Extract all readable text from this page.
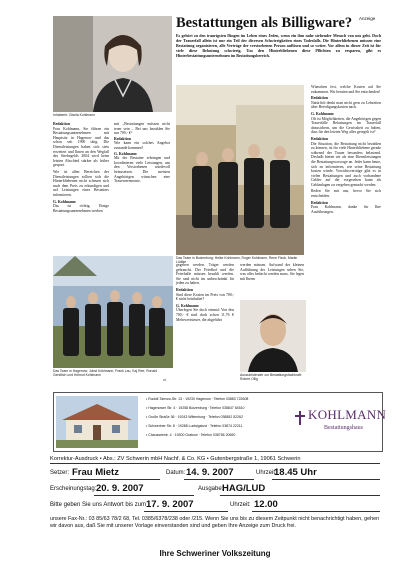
Bestattungen als Billigware? Anzeige
Es gehört zu den traurigsten Dingen im Leben eines Jeden, wenn ein ihm nahe stehender Mensch von uns geht. Doch der Trauerfall allein ist nur ein Teil der diversen Schwierigkeiten eines Todesfalls. Die Hinterbliebenen müssen eine Bestattung organisieren, alle Verträge der verstorbenen Person auflösen und so weiter. Vor allem in dieser Zeit ist für viele diese Belastung schwierig. Um den Hinterbliebenen diese Pflichten zu ersparen, gibt es Hinterbestattungsunternehmen im Bestattungsbereich.
Inhaberin: Gisela Kohlmann
Redaktion
Frau Kohlmann, Sie führen ein Bestattungsunternehmen mit Hauptsitz in Hagenow und das schon seit 1990 tätig. Die Dienstleistungen haben sich stets erweitert und Ihnen an den Wegfall des Sterbegelds 2004 wird beim letzten Abschied stärker als früher gespart.
Wie ist allen Bereichen der Dienstleistungen sollten sich die Hinterbliebenen nicht scheuen sich nach dem Preis zu erkundigen und auf Leistungen eines Bestatters informieren.
G. Kohlmann:
Das ist richtig. Einige Bestattungsunternehmen werben
mit „Bestattungen müssen nicht teuer sein – Bei uns bezahlen Sie nur 700,- €“
Redaktion
Wie kann ein solches Angebot zustande kommen?
G. Kohlmann:
Mit der Bestatter erbringen und koordinieren viele Leistungen, um den Verstorbenen würdevoll beizusetzen. Die meisten Angehörigen wünschen eine Trauerzeremonie.
Das Team in Boizenburg: Heike Kohlmann, Roger Kohlmann, Rene Fleck, Martin Lüdtke
Wünschen fest, welche Kosten auf Sie zukommen. Wir beraten und Sie entscheiden!
Redaktion
Natürlich denkt man nicht gern zu Lebzeiten über Beerdigungskosten nach.
G. Kohlmann:
Oft ist Möglichkeiten, die Angehörigen gegen Trauerfälle Belastungen im Trauerfall abzusichern, um die Gewissheit zu haben, dass für den letzten Weg alles geregelt ist?
Redaktion
Die Situation, die Bestattung nicht bezahlen zu können, ist für viele Hinterbliebene gerade während der Trauer besonders belastend. Deshalb bieten wir als eine Dienstleistungen die Bestattungsvorsorge an. Jeder kann heute, sich zu informieren, wie seine Bestattung kosten würde. Vorsichtsverträge gibt es in vielen Bestattungen und auch vorhandene Gelder auf die vorgesehen kann als Geldanlagen zu vergeben gemacht werden.
Reden Sie mit uns, bevor Sie sich entscheiden.
Redaktion
Frau Kohlmann, danke für Ihre Ausführungen.
Das Team in Hagenow: Jobst Kohlmann, Frank Lau, Kaj Ree, Ronald Gerstlich und Helmut Kohlmann
v.l.
gegeben werden. Träger werden gebraucht. Der Friedhof und die Feierhalle müssen bezahlt werden. Sie sind nicht im unbeschränkt für jeden zu haben.
Redaktion
Sind diese Kosten im Preis von 700,- € nicht beinhaltet?
G. Kohlmann:
Überlegen Sie doch einmal: Von den 700,- € sind doch schon 11,76 € Mehrwertsteuer, die abgeführt
werden müssen. Aufwand der kleinen Aufführung der Leistungen sehen Sie, was alles bedacht werden muss. Sie legen mit Ihrem
Auszubildender zur Bestattungsfachkraft: Robert Ollig
• Rudolf-Tarnow-Str. 13 · 19230 Hagenow · Telefon 03883 722608
• Hagenower Str. 4 · 19258 Boizenburg · Telefon 038847 54510
• Große Straße 36 · 19243 Wittenburg · Telefon 038852 52262
• Schweriner Str. 8 · 19288 Ludwigslust · Telefon 03874 22211
• Chausseestr. 4 · 19300 Grabow · Telefon 038756 20690
KOHLMANN
Bestattungshaus
Korrektur-Ausdruck • Abs.: ZV Schwerin mbH Nachf. & Co. KG • Gutenbergstraße 1, 19061 Schwerin
Setzer: Frau Mietz	Datum: 14. 9. 2007	Uhrzeit:
18.45 Uhr
Erscheinungstag: 20. 9. 2007	Ausgabe:
HAG/LUD
Bitte geben Sie uns Antwort bis zum 17. 9. 2007	Uhrzeit: 12.00
unsere Fax-Nr.: 03 85/63 78/2 68, Tel. 0385/6378/238 oder /215. Wenn Sie uns bis zu diesem Zeitpunkt nicht benachrichtigt haben, gehen wir davon aus, daß Sie mit unserer Vorlage einverstanden sind und geben Ihre Anzeige zum Druck frei.
Ihre Schweriner Volkszeitung
